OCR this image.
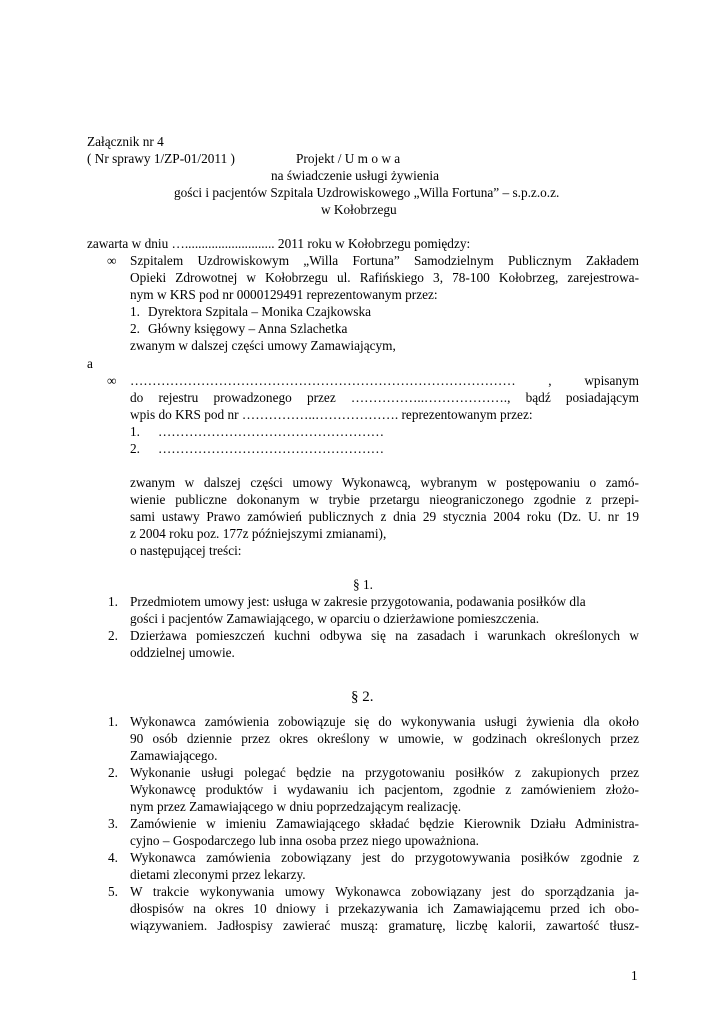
Załącznik nr 4
( Nr sprawy 1/ZP-01/2011 )	Projekt / U m o w a
na świadczenie usługi żywienia
gości i pacjentów Szpitala Uzdrowiskowego „Willa Fortuna” – s.p.z.o.z.
w Kołobrzegu
zawarta w dniu …........................... 2011 roku w Kołobrzegu pomiędzy:
∞ Szpitalem Uzdrowiskowym „Willa Fortuna” Samodzielnym Publicznym Zakładem
Opieki Zdrowotnej w Kołobrzegu ul. Rafińskiego 3, 78-100 Kołobrzeg, zarejestrowa-
nym w KRS pod nr 0000129491 reprezentowanym przez:
1. Dyrektora Szpitala – Monika Czajkowska
2. Główny księgowy – Anna Szlachetka
zwanym w dalszej części umowy Zamawiającym,
a
∞ …………………………………………………………………………… , wpisanym
do rejestru prowadzonego przez ……………..………………., bądź posiadającym
wpis do KRS pod nr ……………..………………. reprezentowanym przez:
1. ……………………………………………
2. ……………………………………………
zwanym w dalszej części umowy Wykonawcą, wybranym w postępowaniu o zamó-
wienie publiczne dokonanym w trybie przetargu nieograniczonego zgodnie z przepi-
sami ustawy Prawo zamówień publicznych z dnia 29 stycznia 2004 roku (Dz. U. nr 19
z 2004 roku poz. 177z późniejszymi zmianami),
o następującej treści:
§ 1.
1. Przedmiotem umowy jest: usługa w zakresie przygotowania, podawania posiłków dla
gości i pacjentów Zamawiającego, w oparciu o dzierżawione pomieszczenia.
2. Dzierżawa pomieszczeń kuchni odbywa się na zasadach i warunkach określonych w
oddzielnej umowie.
§ 2.
1. Wykonawca zamówienia zobowiązuje się do wykonywania usługi żywienia dla około
90 osób dziennie przez okres określony w umowie, w godzinach określonych przez
Zamawiającego.
2. Wykonanie usługi polegać będzie na przygotowaniu posiłków z zakupionych przez
Wykonawcę produktów i wydawaniu ich pacjentom, zgodnie z zamówieniem złożo-
nym przez Zamawiającego w dniu poprzedzającym realizację.
3. Zamówienie w imieniu Zamawiającego składać będzie Kierownik Działu Administra-
cyjno – Gospodarczego lub inna osoba przez niego upoważniona.
4. Wykonawca zamówienia zobowiązany jest do przygotowywania posiłków zgodnie z
dietami zleconymi przez lekarzy.
5. W trakcie wykonywania umowy Wykonawca zobowiązany jest do sporządzania ja-
dłospisów na okres 10 dniowy i przekazywania ich Zamawiającemu przed ich obo-
wiązywaniem. Jadłospisy zawierać muszą: gramaturę, liczbę kalorii, zawartość tłusz-
1
